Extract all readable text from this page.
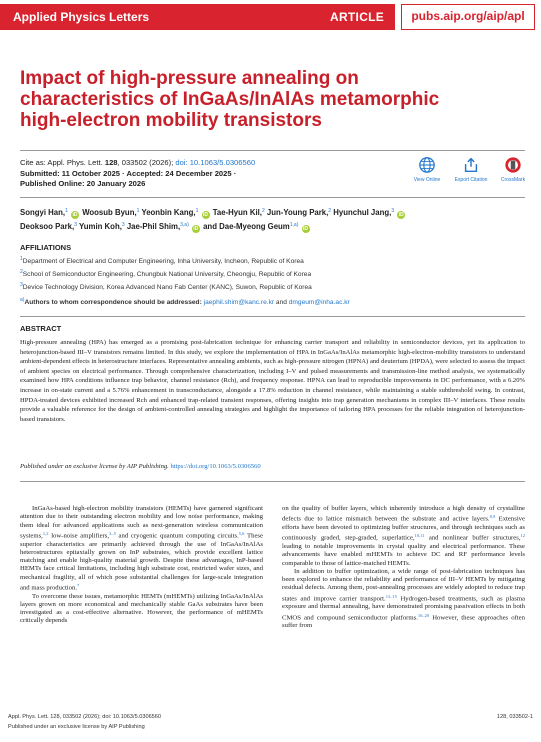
Applied Physics Letters	ARTICLE	pubs.aip.org/aip/apl
Impact of high-pressure annealing on characteristics of InGaAs/InAlAs metamorphic high-electron mobility transistors
Cite as: Appl. Phys. Lett. 128, 033502 (2026); doi: 10.1063/5.0306560
Submitted: 11 October 2025 · Accepted: 24 December 2025 ·
Published Online: 20 January 2026	View Online	Export Citation	CrossMark
Songyi Han,$^1$ iD Woosub Byun,$^1$ Yeonbin Kang,$^1$ iD Tae-Hyun Kil,$^2$ Jun-Young Park,$^2$ Hyunchul Jang,$^3$ iD
Deoksoo Park,$^3$ Yumin Koh,$^3$ Jae-Phil Shim,$^{3,a)}$ iD and Dae-Myeong Geum$^{1,a)}$ iD
AFFILIATIONS
$^1$Department of Electrical and Computer Engineering, Inha University, Incheon, Republic of Korea
$^2$School of Semiconductor Engineering, Chungbuk National University, Cheongju, Republic of Korea
$^3$Device Technology Division, Korea Advanced Nano Fab Center (KANC), Suwon, Republic of Korea
$^{a)}$Authors to whom correspondence should be addressed: jaephil.shim@kanc.re.kr and dmgeum@inha.ac.kr
ABSTRACT

High-pressure annealing (HPA) has emerged as a promising post-fabrication technique for enhancing carrier transport and reliability in semiconductor devices, yet its application to heterojunction-based III–V transistors remains limited. In this study, we explore the implementation of HPA in InGaAs/InAlAs metamorphic high-electron-mobility transistors to understand ambient-dependent effects in heterostructure interfaces. Representative annealing ambients, such as high-pressure nitrogen (HPNA) and deuterium (HPDA), were selected to assess the impact of ambient species on electrical performance. Through comprehensive characterization, including I–V and pulsed measurements and transmission-line method analysis, we systematically examined how HPA conditions influence trap behavior, channel resistance (Rch), and frequency response. HPNA can lead to reproducible improvements in DC performance, with a 6.20% increase in on-state current and a 5.76% enhancement in transconductance, alongside a 17.8% reduction in channel resistance, while maintaining a stable subthreshold swing. In contrast, HPDA-treated devices exhibited increased Rch and enhanced trap-related transient responses, offering insights into trap generation mechanisms in complex III–V interfaces. These results provide a valuable reference for the design of ambient-controlled annealing strategies and highlight the importance of tailoring HPA processes for the reliable integration of heterojunction-based transistors.

Published under an exclusive license by AIP Publishing. https://doi.org/10.1063/5.0306560

InGaAs-based high-electron mobility transistors (HEMTs) have garnered significant attention due to their outstanding electron mobility and low noise performance, making them ideal for advanced applications such as next-generation wireless communication systems,$^{1,2}$ low-noise amplifiers,$^{3-5}$ and cryogenic quantum computing circuits.$^{5,6}$ These superior characteristics are primarily achieved through the use of InGaAs/InAlAs heterostructures epitaxially grown on InP substrates, which provide excellent lattice matching and enable high-quality material growth. Despite these advantages, InP-based HEMTs face critical limitations, including high substrate cost, restricted wafer sizes, and mechanical fragility, all of which pose substantial challenges for large-scale integration and mass production.$^7$

To overcome these issues, metamorphic HEMTs (mHEMTs) utilizing InGaAs/InAlAs layers grown on more economical and mechanically stable GaAs substrates have been investigated as a cost-effective alternative. However, the performance of mHEMTs critically depends

on the quality of buffer layers, which inherently introduce a high density of crystalline defects due to lattice mismatch between the substrate and active layers.$^{8,9}$ Extensive efforts have been devoted to optimizing buffer structures, and through techniques such as continuously graded, step-graded, superlattice,$^{10,11}$ and nonlinear buffer structures,$^{12}$ leading to notable improvements in crystal quality and electrical performance. These advancements have enabled mHEMTs to achieve DC and RF performance levels comparable to those of lattice-matched HEMTs.

In addition to buffer optimization, a wide range of post-fabrication techniques has been explored to enhance the reliability and performance of III–V HEMTs by mitigating residual defects. Among them, post-annealing processes are widely adopted to reduce trap states and improve carrier transport.$^{13-15}$ Hydrogen-based treatments, such as plasma exposure and thermal annealing, have demonstrated promising passivation effects in both CMOS and compound semiconductor platforms.$^{16-20}$ However, these approaches often suffer from

Appl. Phys. Lett. 128, 033502 (2026); doi: 10.1063/5.0306560
Published under an exclusive license by AIP Publishing
128, 033502-1
